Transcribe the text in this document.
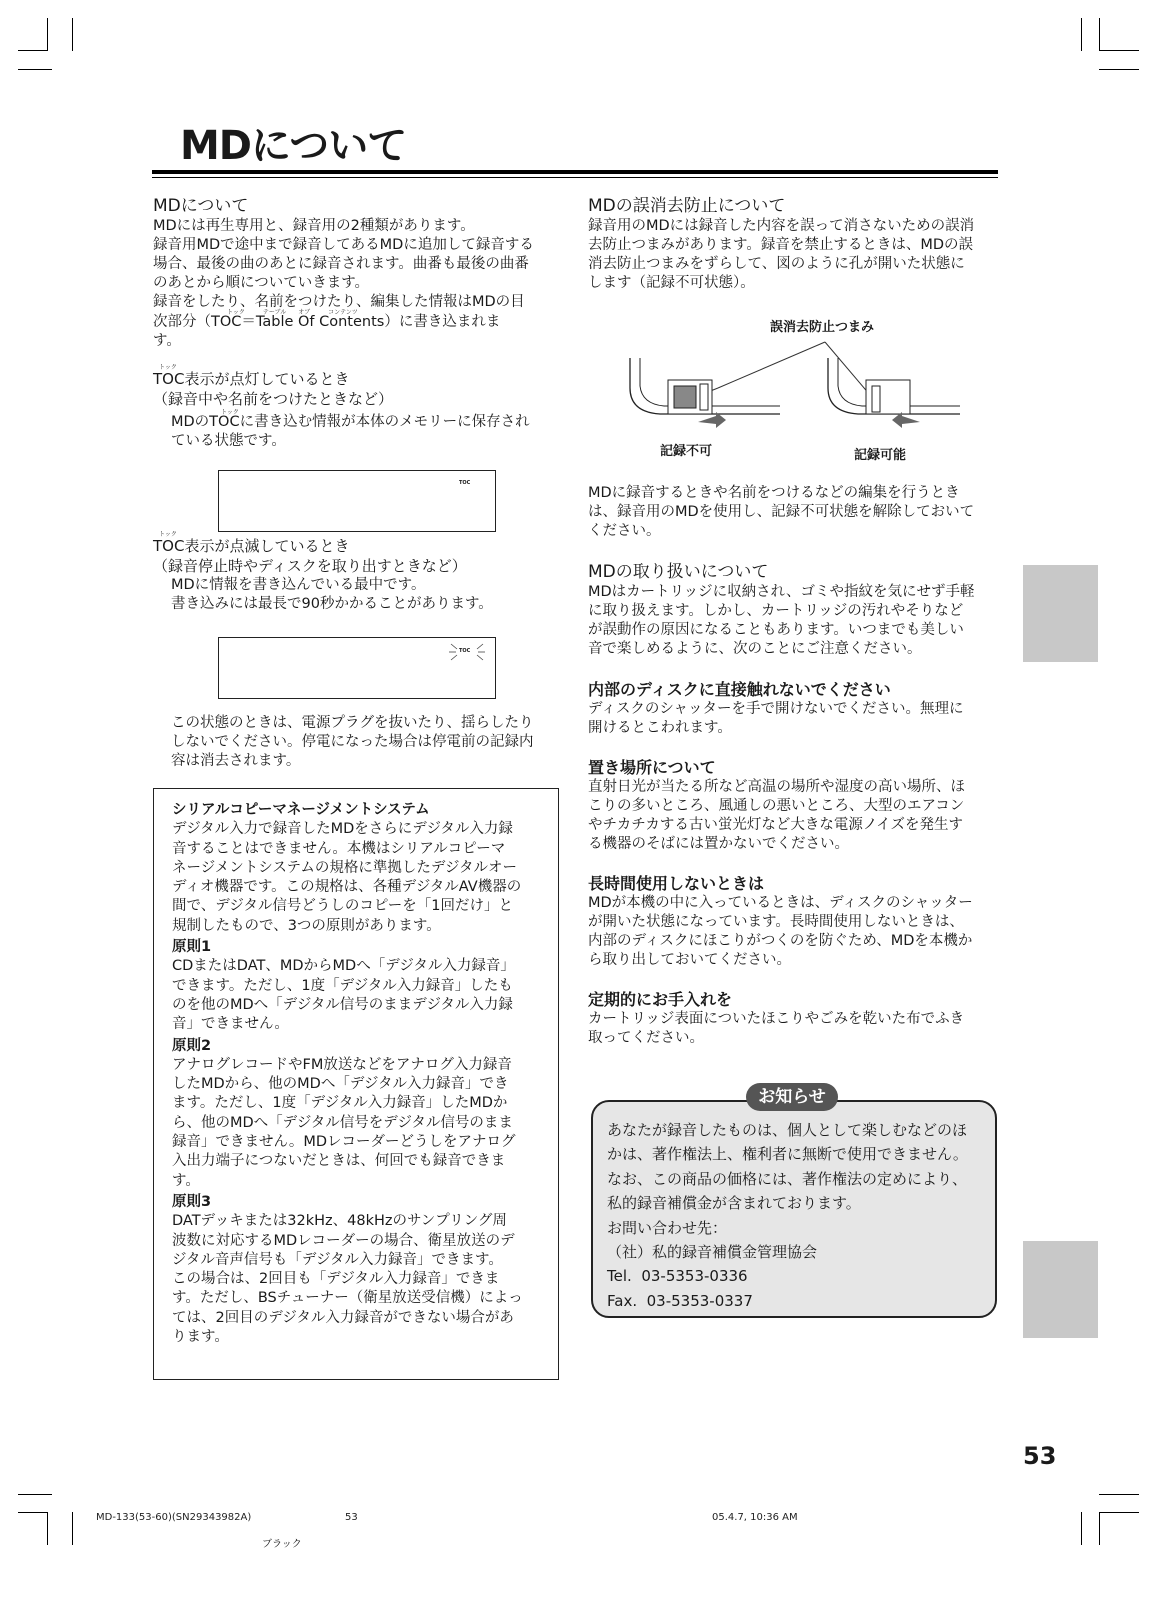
MDについて
MDについて

MDには再生専用と、録音用の2種類があります。

録音用MDで途中まで録音してあるMDに追加して録音する

場合、最後の曲のあとに録音されます。曲番も最後の曲番

のあとから順についていきます。

録音をしたり、名前をつけたり、編集した情報はMDの目

トック　　　テーブル　　オブ　　　コンテンツ

次部分（TOC＝Table Of Contents）に書き込まれま

す。

トック

TOC表示が点灯しているとき

（録音中や名前をつけたときなど）

トック

MDのTOCに書き込む情報が本体のメモリーに保存され

ている状態です。

TOC
トック

TOC表示が点滅しているとき

（録音停止時やディスクを取り出すときなど）

MDに情報を書き込んでいる最中です。

書き込みには最長で90秒かかることがあります。

TOC

この状態のときは、電源プラグを抜いたり、揺らしたり

しないでください。停電になった場合は停電前の記録内

容は消去されます。

シリアルコピーマネージメントシステム

デジタル入力で録音したMDをさらにデジタル入力録

音することはできません。本機はシリアルコピーマ

ネージメントシステムの規格に準拠したデジタルオー

ディオ機器です。この規格は、各種デジタルAV機器の

間で、デジタル信号どうしのコピーを「1回だけ」と

規制したもので、3つの原則があります。

原則1

CDまたはDAT、MDからMDへ「デジタル入力録音」

できます。ただし、1度「デジタル入力録音」したも

のを他のMDへ「デジタル信号のままデジタル入力録

音」できません。

原則2

アナログレコードやFM放送などをアナログ入力録音

したMDから、他のMDへ「デジタル入力録音」でき

ます。ただし、1度「デジタル入力録音」したMDか

ら、他のMDへ「デジタル信号をデジタル信号のまま

録音」できません。MDレコーダーどうしをアナログ

入出力端子につないだときは、何回でも録音できま

す。

原則3

DATデッキまたは32kHz、48kHzのサンプリング周

波数に対応するMDレコーダーの場合、衛星放送のデ

ジタル音声信号も「デジタル入力録音」できます。

この場合は、2回目も「デジタル入力録音」できま

す。ただし、BSチューナー（衛星放送受信機）によっ

ては、2回目のデジタル入力録音ができない場合があ

ります。

MDの誤消去防止について

録音用のMDには録音した内容を誤って消さないための誤消

去防止つまみがあります。録音を禁止するときは、MDの誤

消去防止つまみをずらして、図のように孔が開いた状態に

します（記録不可状態）。

誤消去防止つまみ
記録不可	記録可能

MDに録音するときや名前をつけるなどの編集を行うとき

は、録音用のMDを使用し、記録不可状態を解除しておいて

ください。

MDの取り扱いについて

MDはカートリッジに収納され、ゴミや指紋を気にせず手軽

に取り扱えます。しかし、カートリッジの汚れやそりなど

が誤動作の原因になることもあります。いつまでも美しい

音で楽しめるように、次のことにご注意ください。

内部のディスクに直接触れないでください

ディスクのシャッターを手で開けないでください。無理に

開けるとこわれます。

置き場所について

直射日光が当たる所など高温の場所や湿度の高い場所、ほ

こりの多いところ、風通しの悪いところ、大型のエアコン

やチカチカする古い蛍光灯など大きな電源ノイズを発生す

る機器のそばには置かないでください。

長時間使用しないときは

MDが本機の中に入っているときは、ディスクのシャッター

が開いた状態になっています。長時間使用しないときは、

内部のディスクにほこりがつくのを防ぐため、MDを本機か

ら取り出しておいてください。

定期的にお手入れを

カートリッジ表面についたほこりやごみを乾いた布でふき

取ってください。

あなたが録音したものは、個人として楽しむなどのほ

かは、著作権法上、権利者に無断で使用できません。

なお、この商品の価格には、著作権法の定めにより、

私的録音補償金が含まれております。

お問い合わせ先：

（社）私的録音補償金管理協会

Tel.  03-5353-0336

Fax.  03-5353-0337

お知らせ
53
MD-133(53-60)(SN29343982A)	53	05.4.7, 10:36 AM
ブラック
